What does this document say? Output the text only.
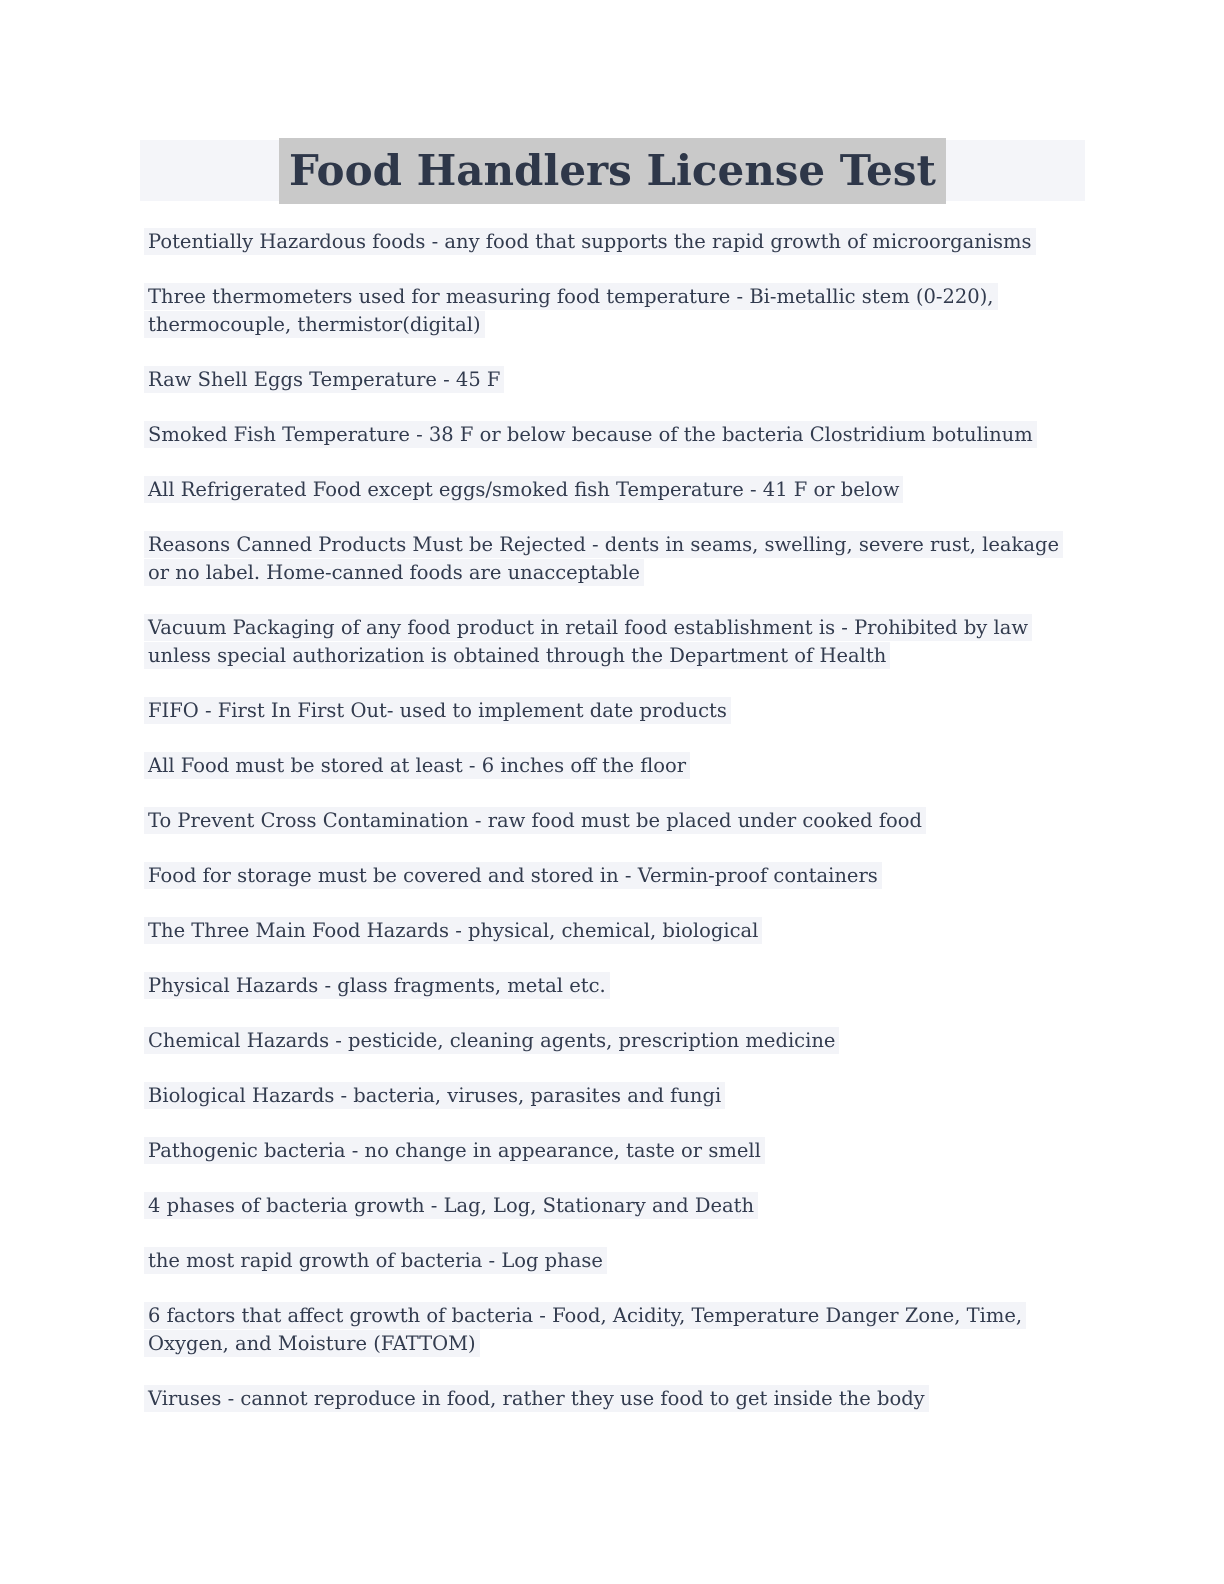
Food Handlers License Test

Potentially Hazardous foods - any food that supports the rapid growth of microorganisms

Three thermometers used for measuring food temperature - Bi-metallic stem (0-220), thermocouple, thermistor(digital)

Raw Shell Eggs Temperature - 45 F

Smoked Fish Temperature - 38 F or below because of the bacteria Clostridium botulinum

All Refrigerated Food except eggs/smoked fish Temperature - 41 F or below

Reasons Canned Products Must be Rejected - dents in seams, swelling, severe rust, leakage or no label. Home-canned foods are unacceptable

Vacuum Packaging of any food product in retail food establishment is - Prohibited by law unless special authorization is obtained through the Department of Health

FIFO - First In First Out- used to implement date products

All Food must be stored at least - 6 inches off the floor

To Prevent Cross Contamination - raw food must be placed under cooked food

Food for storage must be covered and stored in - Vermin-proof containers

The Three Main Food Hazards - physical, chemical, biological

Physical Hazards - glass fragments, metal etc.

Chemical Hazards - pesticide, cleaning agents, prescription medicine

Biological Hazards - bacteria, viruses, parasites and fungi

Pathogenic bacteria - no change in appearance, taste or smell

4 phases of bacteria growth - Lag, Log, Stationary and Death

the most rapid growth of bacteria - Log phase

6 factors that affect growth of bacteria - Food, Acidity, Temperature Danger Zone, Time, Oxygen, and Moisture (FATTOM)

Viruses - cannot reproduce in food, rather they use food to get inside the body
